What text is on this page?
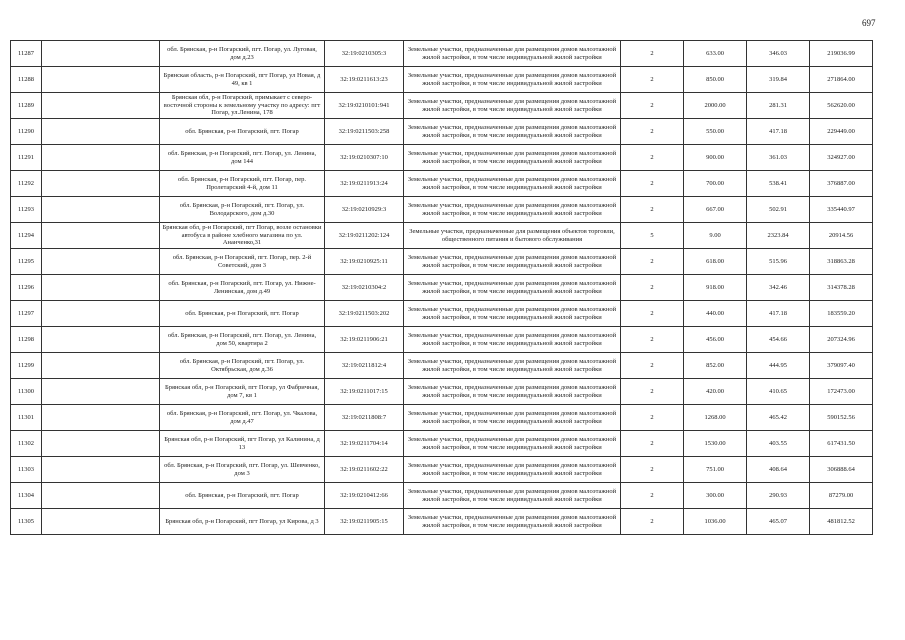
697
11287		обл. Брянская, р-н Погарский, пгт. Погар, ул. Луговая, дом д.23	32:19:0210305:3	Земельные участки, предназначенные для размещения домов малоэтажной жилой застройки, в том числе индивидуальной жилой застройки	2	633.00	346.03	219036.99
11288		Брянская область, р-н Погарский, пгт Погар, ул Новая, д 49, кв 1	32:19:0211613:23	Земельные участки, предназначенные для размещения домов малоэтажной жилой застройки, в том числе индивидуальной жилой застройки	2	850.00	319.84	271864.00
11289		Брянская обл, р-н Погарский, примыкает с северо-восточной стороны к земельному участку по адресу: пгт Погар, ул.Ленина, 178	32:19:0210101:941	Земельные участки, предназначенные для размещения домов малоэтажной жилой застройки, в том числе индивидуальной жилой застройки	2	2000.00	281.31	562620.00
11290		обл. Брянская, р-н Погарский, пгт. Погар	32:19:0211503:258	Земельные участки, предназначенные для размещения домов малоэтажной жилой застройки, в том числе индивидуальной жилой застройки	2	550.00	417.18	229449.00
11291		обл. Брянская, р-н Погарский, пгт. Погар, ул. Ленина, дом 144	32:19:0210307:10	Земельные участки, предназначенные для размещения домов малоэтажной жилой застройки, в том числе индивидуальной жилой застройки	2	900.00	361.03	324927.00
11292		обл. Брянская, р-н Погарский, пгт. Погар, пер. Пролетарский 4-й, дом 11	32:19:0211913:24	Земельные участки, предназначенные для размещения домов малоэтажной жилой застройки, в том числе индивидуальной жилой застройки	2	700.00	538.41	376887.00
11293		обл. Брянская, р-н Погарский, пгт. Погар, ул. Володарского, дом д.30	32:19:0210929:3	Земельные участки, предназначенные для размещения домов малоэтажной жилой застройки, в том числе индивидуальной жилой застройки	2	667.00	502.91	335440.97
11294		Брянская обл, р-н Погарский, пгт Погар, возле остановки автобуса в районе хлебного магазина по ул. Ананченко,31	32:19:0211202:124	Земельные участки, предназначенные для размещения объектов торговли, общественного питания и бытового обслуживания	5	9.00	2323.84	20914.56
11295		обл. Брянская, р-н Погарский, пгт. Погар, пер. 2-й Советский, дом 3	32:19:0210925:11	Земельные участки, предназначенные для размещения домов малоэтажной жилой застройки, в том числе индивидуальной жилой застройки	2	618.00	515.96	318863.28
11296		обл. Брянская, р-н Погарский, пгт. Погар, ул. Нижне-Ленинская, дом д.49	32:19:0210304:2	Земельные участки, предназначенные для размещения домов малоэтажной жилой застройки, в том числе индивидуальной жилой застройки	2	918.00	342.46	314378.28
11297		обл. Брянская, р-н Погарский, пгт. Погар	32:19:0211503:202	Земельные участки, предназначенные для размещения домов малоэтажной жилой застройки, в том числе индивидуальной жилой застройки	2	440.00	417.18	183559.20
11298		обл. Брянская, р-н Погарский, пгт. Погар, ул. Ленина, дом 50, квартира 2	32:19:0211906:21	Земельные участки, предназначенные для размещения домов малоэтажной жилой застройки, в том числе индивидуальной жилой застройки	2	456.00	454.66	207324.96
11299		обл. Брянская, р-н Погарский, пгт. Погар, ул. Октябрьская, дом д.36	32:19:0211812:4	Земельные участки, предназначенные для размещения домов малоэтажной жилой застройки, в том числе индивидуальной жилой застройки	2	852.00	444.95	379097.40
11300		Брянская обл, р-н Погарский, пгт Погар, ул Фабричная, дом 7, кв 1	32:19:0211017:15	Земельные участки, предназначенные для размещения домов малоэтажной жилой застройки, в том числе индивидуальной жилой застройки	2	420.00	410.65	172473.00
11301		обл. Брянская, р-н Погарский, пгт. Погар, ул. Чкалова, дом д.47	32:19:0211808:7	Земельные участки, предназначенные для размещения домов малоэтажной жилой застройки, в том числе индивидуальной жилой застройки	2	1268.00	465.42	590152.56
11302		Брянская обл, р-н Погарский, пгт Погар, ул Калинина, д 13	32:19:0211704:14	Земельные участки, предназначенные для размещения домов малоэтажной жилой застройки, в том числе индивидуальной жилой застройки	2	1530.00	403.55	617431.50
11303		обл. Брянская, р-н Погарский, пгт. Погар, ул. Шевченко, дом 3	32:19:0211602:22	Земельные участки, предназначенные для размещения домов малоэтажной жилой застройки, в том числе индивидуальной жилой застройки	2	751.00	408.64	306888.64
11304		обл. Брянская, р-н Погарский, пгт. Погар	32:19:0210412:66	Земельные участки, предназначенные для размещения домов малоэтажной жилой застройки, в том числе индивидуальной жилой застройки	2	300.00	290.93	87279.00
11305		Брянская обл, р-н Погарский, пгт Погар, ул Кирова, д 3	32:19:0211905:15	Земельные участки, предназначенные для размещения домов малоэтажной жилой застройки, в том числе индивидуальной жилой застройки	2	1036.00	465.07	481812.52
